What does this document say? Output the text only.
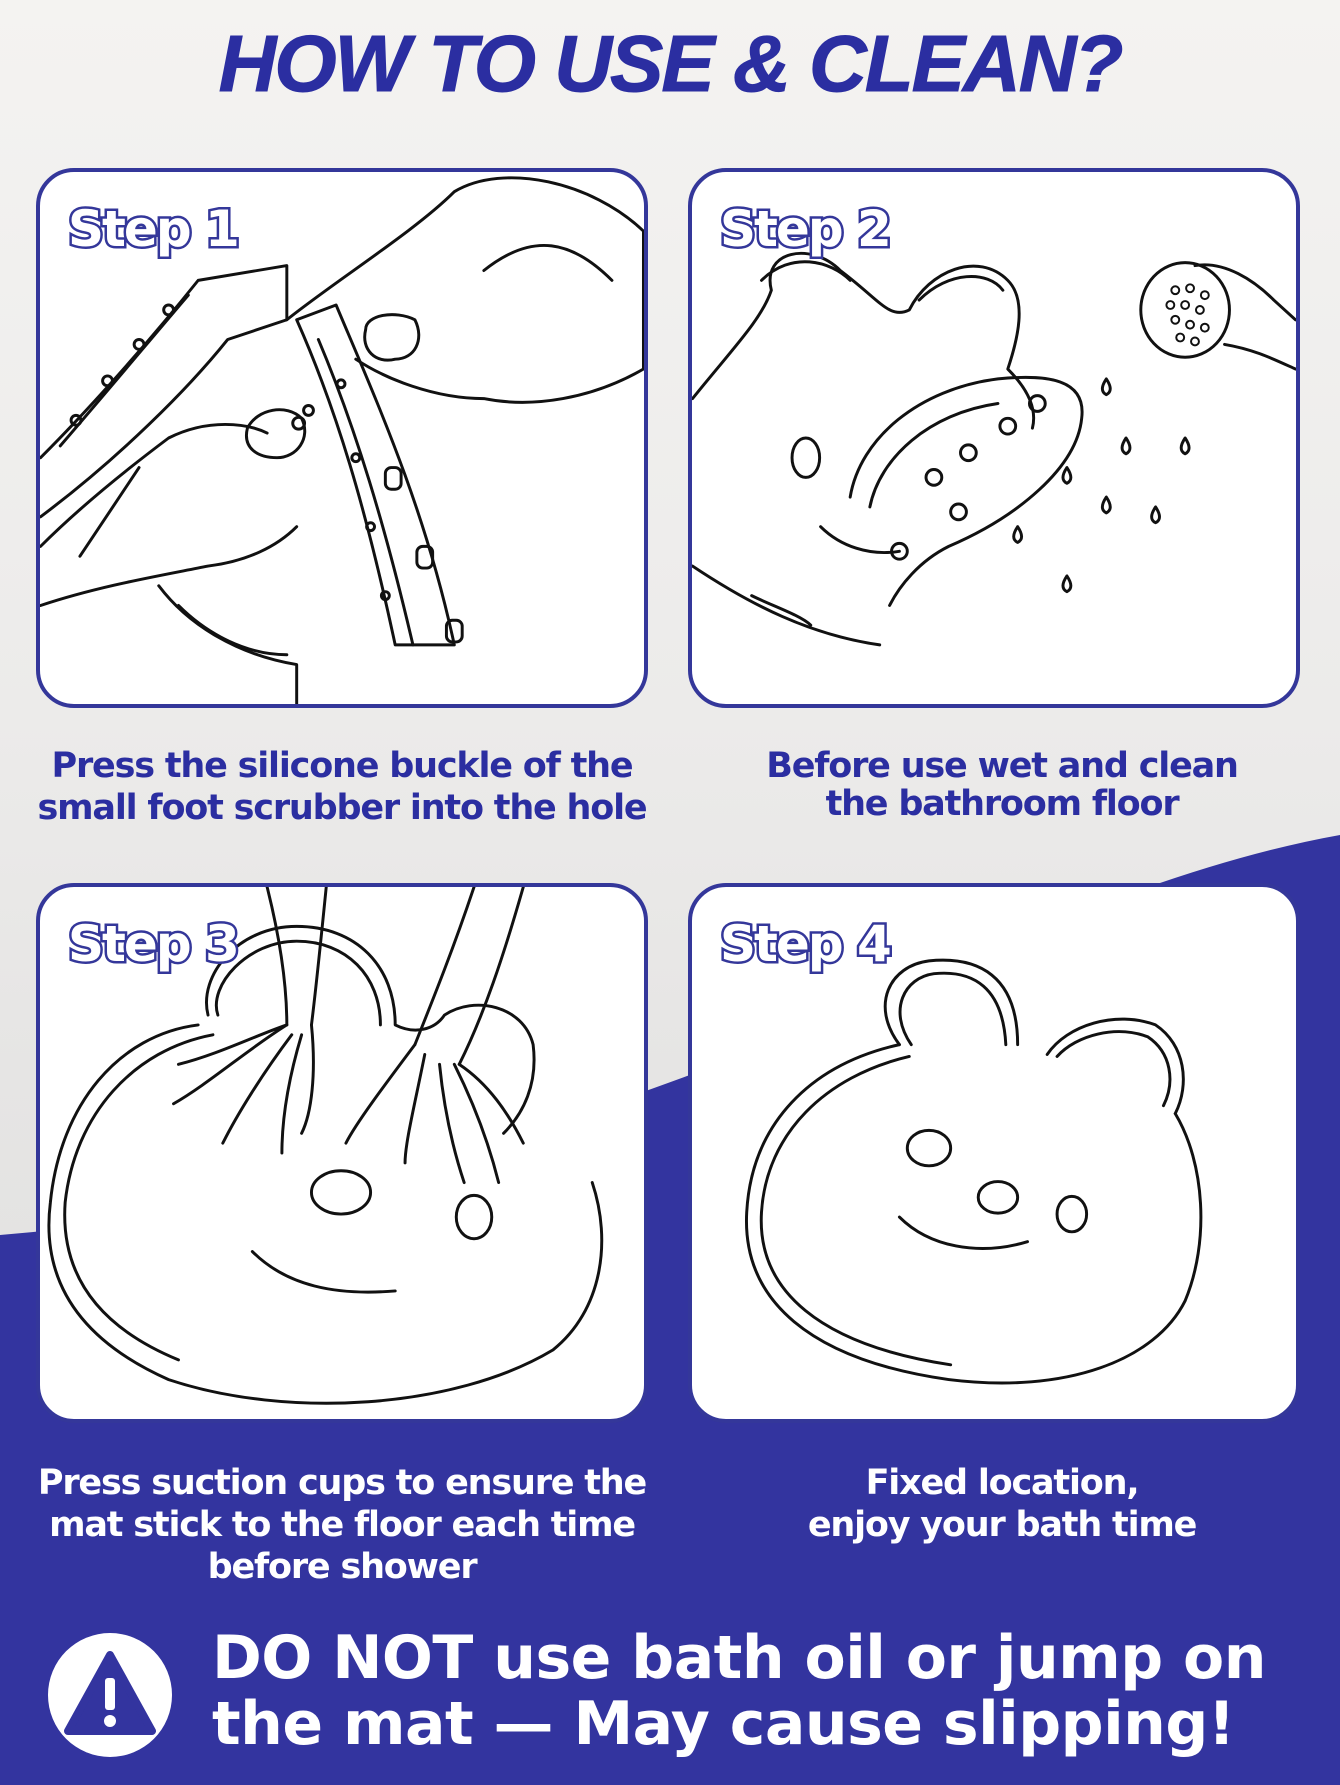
HOW TO USE & CLEAN?
Step 1
Press the silicone buckle of the
small foot scrubber into the hole
Step 2
Before use wet and clean
the bathroom floor
Step 3
Press suction cups to ensure the
mat stick to the floor each time
before shower
Step 4
Fixed location,
enjoy your bath time
DO NOT use bath oil or jump on
the mat — May cause slipping!
